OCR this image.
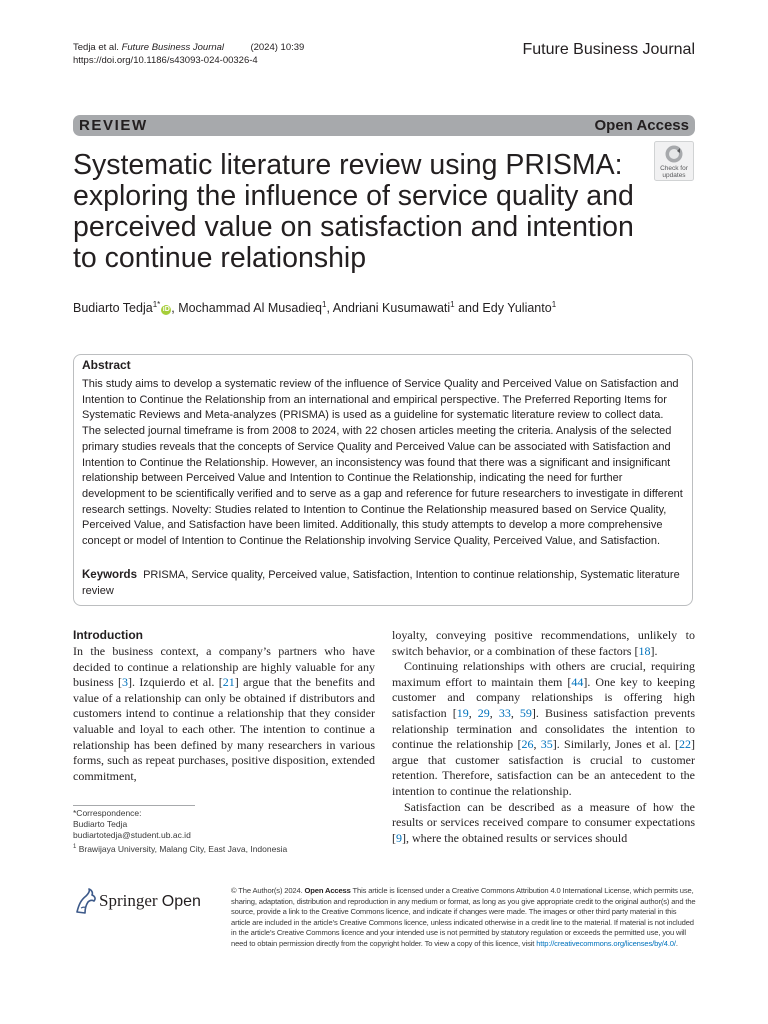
Tedja et al. Future Business Journal	(2024) 10:39
https://doi.org/10.1186/s43093-024-00326-4
Future Business Journal
REVIEW	Open Access
Systematic literature review using PRISMA: exploring the influence of service quality and perceived value on satisfaction and intention to continue relationship
Check for
updates
Budiarto Tedja$^{1*}$iD , Mochammad Al Musadieq$^1$, Andriani Kusumawati$^1$ and Edy Yulianto$^1$
Abstract
This study aims to develop a systematic review of the influence of Service Quality and Perceived Value on Satisfaction and Intention to Continue the Relationship from an international and empirical perspective. The Preferred Reporting Items for Systematic Reviews and Meta-analyzes (PRISMA) is used as a guideline for systematic literature review to collect data. The selected journal timeframe is from 2008 to 2024, with 22 chosen articles meeting the criteria. Analysis of the selected primary studies reveals that the concepts of Service Quality and Perceived Value can be associated with Satisfaction and Intention to Continue the Relationship. However, an inconsistency was found that there was a significant and insignificant relationship between Perceived Value and Intention to Continue the Relationship, indicating the need for further development to be scientifically verified and to serve as a gap and reference for future researchers to investigate in different research settings. Novelty: Studies related to Intention to Continue the Relationship measured based on Service Quality, Perceived Value, and Satisfaction have been limited. Additionally, this study attempts to develop a more comprehensive concept or model of Intention to Continue the Relationship involving Service Quality, Perceived Value, and Satisfaction.
Keywords PRISMA, Service quality, Perceived value, Satisfaction, Intention to continue relationship, Systematic literature review
Introduction

In the business context, a company’s partners who have decided to continue a relationship are highly valuable for any business [3]. Izquierdo et al. [21] argue that the benefits and value of a relationship can only be obtained if distributors and customers intend to continue a relationship that they consider valuable and loyal to each other. The intention to continue a relationship has been defined by many researchers in various forms, such as repeat purchases, positive disposition, extended commitment,

loyalty, conveying positive recommendations, unlikely to switch behavior, or a combination of these factors [18].

Continuing relationships with others are crucial, requiring maximum effort to maintain them [44]. One key to keeping customer and company relationships is offering high satisfaction [19, 29, 33, 59]. Business satisfaction prevents relationship termination and consolidates the intention to continue the relationship [26, 35]. Similarly, Jones et al. [22] argue that customer satisfaction is crucial to customer retention. Therefore, satisfaction can be an antecedent to the intention to continue the relationship.

Satisfaction can be described as a measure of how the results or services received compare to consumer expectations [9], where the obtained results or services should

*Correspondence:
Budiarto Tedja
budiartotedja@student.ub.ac.id
$^1$ Brawijaya University, Malang City, East Java, Indonesia
Springer Open
© The Author(s) 2024. Open Access This article is licensed under a Creative Commons Attribution 4.0 International License, which permits use, sharing, adaptation, distribution and reproduction in any medium or format, as long as you give appropriate credit to the original author(s) and the source, provide a link to the Creative Commons licence, and indicate if changes were made. The images or other third party material in this article are included in the article’s Creative Commons licence, unless indicated otherwise in a credit line to the material. If material is not included in the article’s Creative Commons licence and your intended use is not permitted by statutory regulation or exceeds the permitted use, you will need to obtain permission directly from the copyright holder. To view a copy of this licence, visit http://creativecommons.org/licenses/by/4.0/.
